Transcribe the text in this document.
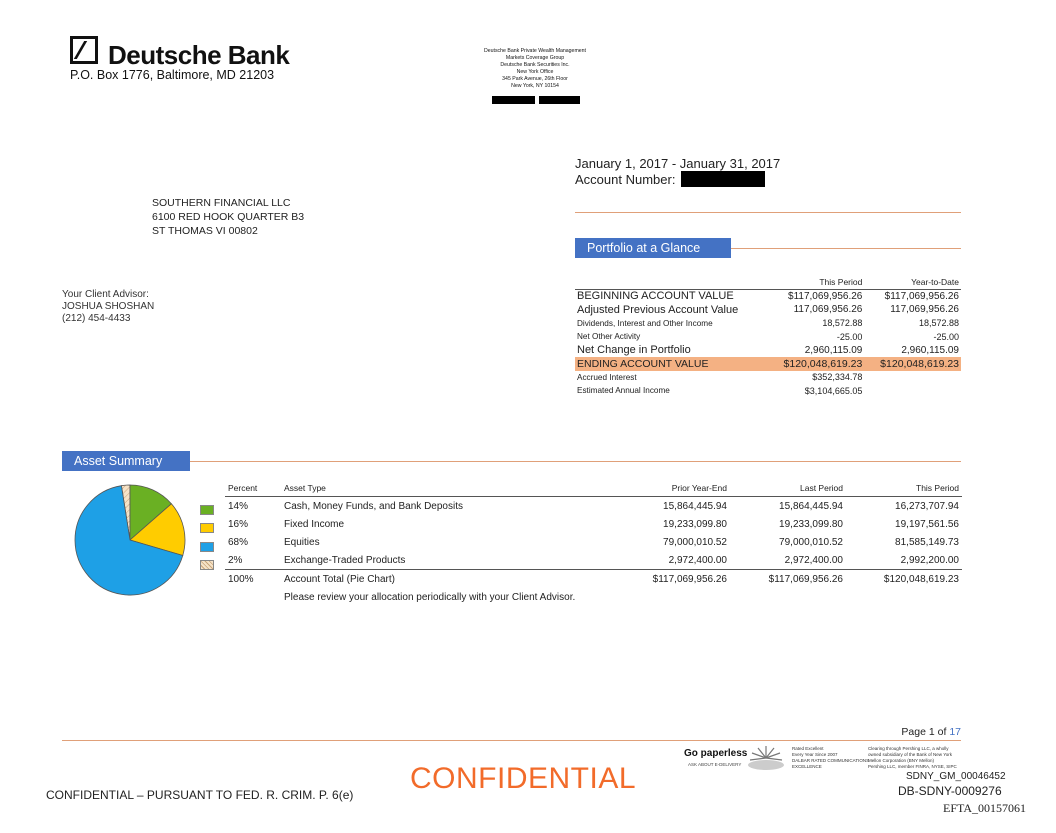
Deutsche Bank
P.O. Box 1776, Baltimore, MD 21203
Deutsche Bank Private Wealth Management
Markets Coverage Group
Deutsche Bank Securities Inc.
New York Office
345 Park Avenue, 26th Floor
New York, NY 10154
January 1, 2017 - January 31, 2017
Account Number:
SOUTHERN FINANCIAL LLC
6100 RED HOOK QUARTER B3
ST THOMAS VI 00802
Your Client Advisor:
JOSHUA SHOSHAN
(212) 454-4433
Portfolio at a Glance
	This Period	Year-to-Date
BEGINNING ACCOUNT VALUE	$117,069,956.26	$117,069,956.26
Adjusted Previous Account Value	117,069,956.26	117,069,956.26
Dividends, Interest and Other Income	18,572.88	18,572.88
Net Other Activity	-25.00	-25.00
Net Change in Portfolio	2,960,115.09	2,960,115.09
ENDING ACCOUNT VALUE	$120,048,619.23	$120,048,619.23
Accrued Interest	$352,334.78	
Estimated Annual Income	$3,104,665.05	
Asset Summary
Percent	Asset Type	Prior Year-End	Last Period	This Period
14%	Cash, Money Funds, and Bank Deposits	15,864,445.94	15,864,445.94	16,273,707.94
16%	Fixed Income	19,233,099.80	19,233,099.80	19,197,561.56
68%	Equities	79,000,010.52	79,000,010.52	81,585,149.73
2%	Exchange-Traded Products	2,972,400.00	2,972,400.00	2,992,200.00
100%	Account Total (Pie Chart)	$117,069,956.26	$117,069,956.26	$120,048,619.23
	Please review your allocation periodically with your Client Advisor.			
Page 1 of 17
Go paperless
ASK ABOUT E-DELIVERY
Rated Excellent
Every Year Since 2007
DALBAR RATED COMMUNICATIONS
EXCELLENCE
Clearing through Pershing LLC, a wholly
owned subsidiary of the Bank of New York
Mellon Corporation (BNY Mellon)
Pershing LLC, member FINRA, NYSE, SIPC
CONFIDENTIAL – PURSUANT TO FED. R. CRIM. P. 6(e) CONFIDENTIAL	SDNY_GM_00046452
DB-SDNY-0009276
EFTA_00157061
